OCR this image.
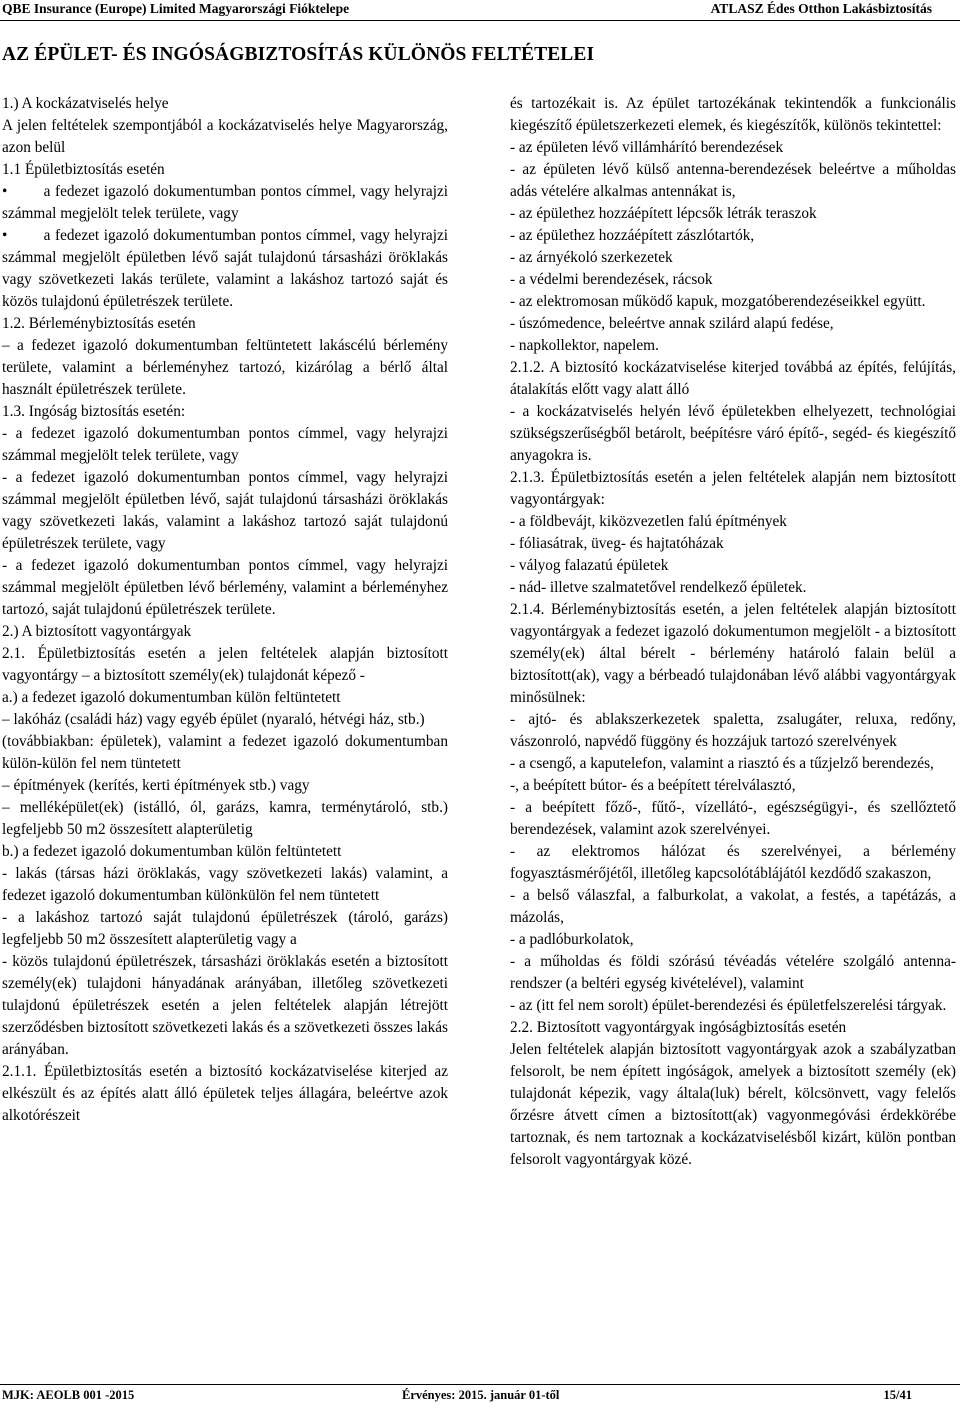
QBE Insurance (Europe) Limited Magyarországi Fióktelepe	ATLASZ Édes Otthon Lakásbiztosítás
AZ ÉPÜLET- ÉS INGÓSÁGBIZTOSÍTÁS KÜLÖNÖS FELTÉTELEI

1.) A kockázatviselés helye

A jelen feltételek szempontjából a kockázatviselés helye Magyarország, azon belül

1.1 Épületbiztosítás esetén

•        a fedezet igazoló dokumentumban pontos címmel, vagy helyrajzi számmal megjelölt telek területe, vagy

•        a fedezet igazoló dokumentumban pontos címmel, vagy helyrajzi számmal megjelölt épületben lévő saját tulajdonú társasházi öröklakás vagy szövetkezeti lakás területe, valamint a lakáshoz tartozó saját és közös tulajdonú épületrészek területe.

1.2. Bérleménybiztosítás esetén

– a fedezet igazoló dokumentumban feltüntetett lakáscélú bérlemény területe, valamint a bérleményhez tartozó, kizárólag a bérlő által használt épületrészek területe.

1.3. Ingóság biztosítás esetén:

- a fedezet igazoló dokumentumban pontos címmel, vagy helyrajzi számmal megjelölt telek területe, vagy

- a fedezet igazoló dokumentumban pontos címmel, vagy helyrajzi számmal megjelölt épületben lévő, saját tulajdonú társasházi öröklakás vagy szövetkezeti lakás, valamint a lakáshoz tartozó saját tulajdonú épületrészek területe, vagy

- a fedezet igazoló dokumentumban pontos címmel, vagy helyrajzi számmal megjelölt épületben lévő bérlemény, valamint a bérleményhez tartozó, saját tulajdonú épületrészek területe.

2.) A biztosított vagyontárgyak

2.1. Épületbiztosítás esetén a jelen feltételek alapján biztosított vagyontárgy – a biztosított személy(ek) tulajdonát képező -

a.) a fedezet igazoló dokumentumban külön feltüntetett

– lakóház (családi ház) vagy egyéb épület (nyaraló, hétvégi ház, stb.)

(továbbiakban: épületek), valamint a fedezet igazoló dokumentumban külön-külön fel nem tüntetett

– építmények (kerítés, kerti építmények stb.) vagy

– melléképület(ek) (istálló, ól, garázs, kamra, terménytároló, stb.) legfeljebb 50 m2 összesített alapterületig

b.) a fedezet igazoló dokumentumban külön feltüntetett

- lakás (társas házi öröklakás, vagy szövetkezeti lakás) valamint, a fedezet igazoló dokumentumban különkülön fel nem tüntetett

- a lakáshoz tartozó saját tulajdonú épületrészek (tároló, garázs) legfeljebb 50 m2 összesített alapterületig vagy a

- közös tulajdonú épületrészek, társasházi öröklakás esetén a biztosított személy(ek) tulajdoni hányadának arányában, illetőleg szövetkezeti tulajdonú épületrészek esetén a jelen feltételek alapján létrejött szerződésben biztosított szövetkezeti lakás és a szövetkezeti összes lakás arányában.

2.1.1. Épületbiztosítás esetén a biztosító kockázatviselése kiterjed az elkészült és az építés alatt álló épületek teljes állagára, beleértve azok alkotórészeit

és tartozékait is. Az épület tartozékának tekintendők a funkcionális kiegészítő épületszerkezeti elemek, és kiegészítők, különös tekintettel:

- az épületen lévő villámhárító berendezések

- az épületen lévő külső antenna-berendezések beleértve a műholdas adás vételére alkalmas antennákat is,

- az épülethez hozzáépített lépcsők létrák teraszok

- az épülethez hozzáépített zászlótartók,

- az árnyékoló szerkezetek

- a védelmi berendezések, rácsok

- az elektromosan működő kapuk, mozgatóberendezéseikkel együtt.

- úszómedence, beleértve annak szilárd alapú fedése,

- napkollektor, napelem.

2.1.2. A biztosító kockázatviselése kiterjed továbbá az építés, felújítás, átalakítás előtt vagy alatt álló

- a kockázatviselés helyén lévő épületekben elhelyezett, technológiai szükségszerűségből betárolt, beépítésre váró építő-, segéd- és kiegészítő anyagokra is.

2.1.3. Épületbiztosítás esetén a jelen feltételek alapján nem biztosított vagyontárgyak:

- a földbevájt, kiközvezetlen falú építmények

- fóliasátrak, üveg- és hajtatóházak

- vályog falazatú épületek

- nád- illetve szalmatetővel rendelkező épületek.

2.1.4. Bérleménybiztosítás esetén, a jelen feltételek alapján biztosított vagyontárgyak a fedezet igazoló dokumentumon megjelölt - a biztosított személy(ek) által bérelt - bérlemény határoló falain belül a biztosított(ak), vagy a bérbeadó tulajdonában lévő alábbi vagyontárgyak minősülnek:

- ajtó- és ablakszerkezetek spaletta, zsalugáter, reluxa, redőny, vászonroló, napvédő függöny és hozzájuk tartozó szerelvények

- a csengő, a kaputelefon, valamint a riasztó és a tűzjelző berendezés,

-, a beépített bútor- és a beépített térelválasztó,

- a beépített főző-, fűtő-, vízellátó-, egészségügyi-, és szellőztető berendezések, valamint azok szerelvényei.

- az elektromos hálózat és szerelvényei, a bérlemény fogyasztásmérőjétől, illetőleg kapcsolótáblájától kezdődő szakaszon,

- a belső válaszfal, a falburkolat, a vakolat, a festés, a tapétázás, a mázolás,

- a padlóburkolatok,

- a műholdas és földi szórású tévéadás vételére szolgáló antenna-rendszer (a beltéri egység kivételével), valamint

- az (itt fel nem sorolt) épület-berendezési és épületfelszerelési tárgyak.

2.2. Biztosított vagyontárgyak ingóságbiztosítás esetén

Jelen feltételek alapján biztosított vagyontárgyak azok a szabályzatban felsorolt, be nem épített ingóságok, amelyek a biztosított személy (ek) tulajdonát képezik, vagy általa(luk) bérelt, kölcsönvett, vagy felelős őrzésre átvett címen a biztosított(ak) vagyonmegóvási érdekkörébe tartoznak, és nem tartoznak a kockázatviselésből kizárt, külön pontban felsorolt vagyontárgyak közé.

MJK: AEOLB 001 -2015	Érvényes: 2015. január 01-től	15/41
